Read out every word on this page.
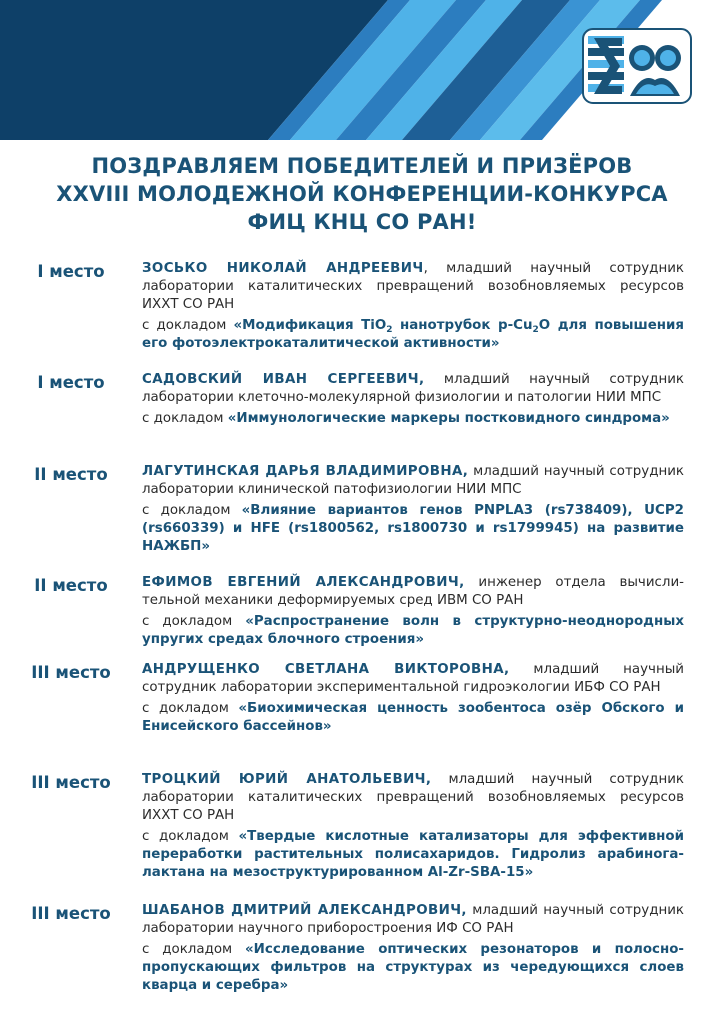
ПОЗДРАВЛЯЕМ ПОБЕДИТЕЛЕЙ И ПРИЗЁРОВ
XXVIII МОЛОДЕЖНОЙ КОНФЕРЕНЦИИ-КОНКУРСА
ФИЦ КНЦ СО РАН!
I место	ЗОСЬКО НИКОЛАЙ АНДРЕЕВИЧ, младший научный сотрудник лаборатории каталитических превращений возобновляемых ресурсов ИХХТ СО РАН
с докладом «Модификация TiO$_2$ нанотрубок $p-Cu_2O$ для повышения его фотоэлектрокаталитической активности»
I место	САДОВСКИЙ ИВАН СЕРГЕЕВИЧ, младший научный сотрудник лаборатории клеточно-молекулярной физиологии и патологии НИИ МПС
с докладом «Иммунологические маркеры постковидного синдрома»
II место	ЛАГУТИНСКАЯ ДАРЬЯ ВЛАДИМИРОВНА, младший научный сотрудник лаборатории клинической патофизиологии НИИ МПС
с докладом «Влияние вариантов генов PNPLA3 (rs738409), UCP2 (rs660339) и HFE (rs1800562, rs1800730 и rs1799945) на развитие НАЖБП»
II место	ЕФИМОВ ЕВГЕНИЙ АЛЕКСАНДРОВИЧ, инженер отдела вычисли-тельной механики деформируемых сред ИВМ СО РАН
с докладом «Распространение волн в структурно-неоднородных упругих средах блочного строения»
III место	АНДРУЩЕНКО СВЕТЛАНА ВИКТОРОВНА, младший научный сотрудник лаборатории экспериментальной гидроэкологии ИБФ СО РАН
с докладом «Биохимическая ценность зообентоса озёр Обского и Енисейского бассейнов»
III место	ТРОЦКИЙ ЮРИЙ АНАТОЛЬЕВИЧ, младший научный сотрудник лаборатории каталитических превращений возобновляемых ресурсов ИХХТ СО РАН
с докладом «Твердые кислотные катализаторы для эффективной переработки растительных полисахаридов. Гидролиз арабинога-лактана на мезоструктурированном Al-Zr-SBA-15»
III место	ШАБАНОВ ДМИТРИЙ АЛЕКСАНДРОВИЧ, младший научный сотрудник лаборатории научного приборостроения ИФ СО РАН
с докладом «Исследование оптических резонаторов и полосно-пропускающих фильтров на структурах из чередующихся слоев кварца и серебра»
